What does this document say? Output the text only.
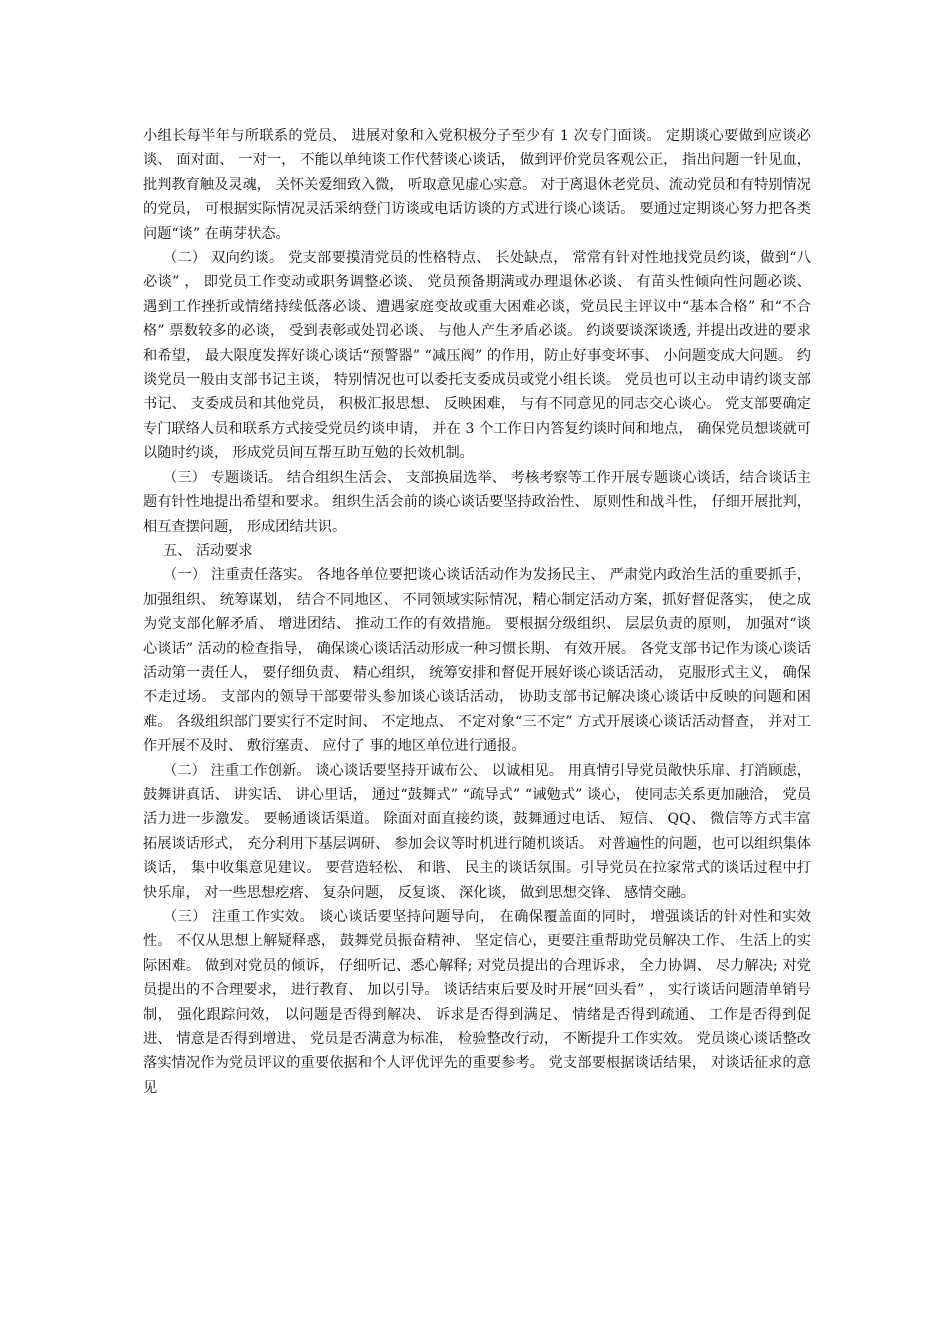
小组长每半年与所联系的党员、 进展对象和入党积极分子至少有 1 次专门面谈。 定期谈心要做到应谈必谈、 面对面、 一对一， 不能以单纯谈工作代替谈心谈话， 做到评价党员客观公正， 指出问题一针见血， 批判教育触及灵魂， 关怀关爱细致入微， 听取意见虚心实意。 对于离退休老党员、流动党员和有特别情况的党员， 可根据实际情况灵活采纳登门访谈或电话访谈的方式进行谈心谈话。 要通过定期谈心努力把各类问题“谈” 在萌芽状态。

（二） 双向约谈。 党支部要摸清党员的性格特点、 长处缺点， 常常有针对性地找党员约谈，做到“八必谈” ， 即党员工作变动或职务调整必谈、 党员预备期满或办理退休必谈、 有苗头性倾向性问题必谈、 遇到工作挫折或情绪持续低落必谈、遭遇家庭变故或重大困难必谈，党员民主评议中“基本合格” 和“不合格” 票数较多的必谈， 受到表彰或处罚必谈、 与他人产生矛盾必谈。 约谈要谈深谈透, 并提出改进的要求和希望， 最大限度发挥好谈心谈话“预警器” “减压阀” 的作用，防止好事变坏事、 小问题变成大问题。 约谈党员一般由支部书记主谈， 特别情况也可以委托支委成员或党小组长谈。 党员也可以主动申请约谈支部书记、 支委成员和其他党员， 积极汇报思想、 反映困难， 与有不同意见的同志交心谈心。 党支部要确定专门联络人员和联系方式接受党员约谈申请， 并在 3 个工作日内答复约谈时间和地点， 确保党员想谈就可以随时约谈， 形成党员间互帮互助互勉的长效机制。

（三） 专题谈话。 结合组织生活会、 支部换届选举、 考核考察等工作开展专题谈心谈话，结合谈话主题有针性地提出希望和要求。 组织生活会前的谈心谈话要坚持政治性、 原则性和战斗性， 仔细开展批判， 相互查摆问题， 形成团结共识。

五、 活动要求

（一） 注重责任落实。 各地各单位要把谈心谈话活动作为发扬民主、 严肃党内政治生活的重要抓手， 加强组织、 统筹谋划， 结合不同地区、 不同领域实际情况，精心制定活动方案，抓好督促落实， 使之成为党支部化解矛盾、 增进团结、 推动工作的有效措施。 要根据分级组织、 层层负责的原则， 加强对“谈心谈话” 活动的检查指导， 确保谈心谈话活动形成一种习惯长期、 有效开展。 各党支部书记作为谈心谈话活动第一责任人， 要仔细负责、 精心组织， 统筹安排和督促开展好谈心谈话活动， 克服形式主义， 确保不走过场。 支部内的领导干部要带头参加谈心谈话活动， 协助支部书记解决谈心谈话中反映的问题和困难。 各级组织部门要实行不定时间、 不定地点、 不定对象“三不定” 方式开展谈心谈话活动督查， 并对工作开展不及时、 敷衍塞责、 应付了 事的地区单位进行通报。

（二） 注重工作创新。 谈心谈话要坚持开诚布公、 以诚相见。 用真情引导党员敞快乐扉、打消顾虑， 鼓舞讲真话、 讲实话、 讲心里话， 通过“鼓舞式” “疏导式” “诫勉式” 谈心， 使同志关系更加融洽， 党员活力进一步激发。 要畅通谈话渠道。 除面对面直接约谈，鼓舞通过电话、 短信、 QQ、 微信等方式丰富拓展谈话形式， 充分利用下基层调研、 参加会议等时机进行随机谈话。 对普遍性的问题，也可以组织集体谈话， 集中收集意见建议。 要营造轻松、 和谐、 民主的谈话氛围。引导党员在拉家常式的谈话过程中打快乐扉， 对一些思想疙瘩、 复杂问题， 反复谈、 深化谈， 做到思想交锋、 感情交融。

（三） 注重工作实效。 谈心谈话要坚持问题导向， 在确保覆盖面的同时， 增强谈话的针对性和实效性。 不仅从思想上解疑释惑， 鼓舞党员振奋精神、 坚定信心，更要注重帮助党员解决工作、 生活上的实际困难。 做到对党员的倾诉， 仔细听记、悉心解释; 对党员提出的合理诉求， 全力协调、 尽力解决; 对党员提出的不合理要求， 进行教育、 加以引导。 谈话结束后要及时开展“回头看” ， 实行谈话问题清单销号制， 强化跟踪问效， 以问题是否得到解决、 诉求是否得到满足、 情绪是否得到疏通、 工作是否得到促进、 情意是否得到增进、 党员是否满意为标准， 检验整改行动， 不断提升工作实效。 党员谈心谈话整改落实情况作为党员评议的重要依据和个人评优评先的重要参考。 党支部要根据谈话结果， 对谈话征求的意见
